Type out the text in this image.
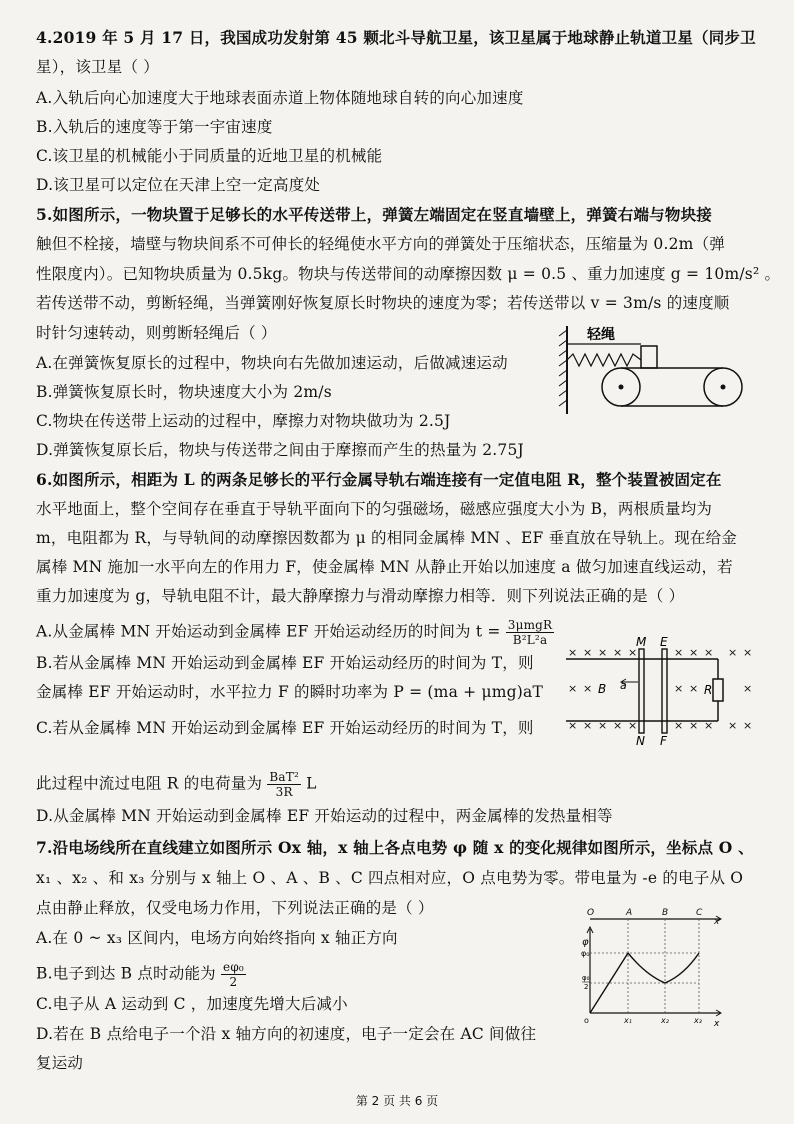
4.2019 年 5 月 17 日，我国成功发射第 45 颗北斗导航卫星，该卫星属于地球静止轨道卫星（同步卫
星），该卫星（ ）
A.入轨后向心加速度大于地球表面赤道上物体随地球自转的向心加速度
B.入轨后的速度等于第一宇宙速度
C.该卫星的机械能小于同质量的近地卫星的机械能
D.该卫星可以定位在天津上空一定高度处
5.如图所示，一物块置于足够长的水平传送带上，弹簧左端固定在竖直墙壁上，弹簧右端与物块接
触但不栓接，墙壁与物块间系不可伸长的轻绳使水平方向的弹簧处于压缩状态，压缩量为 0.2m（弹
性限度内）。已知物块质量为 0.5kg。物块与传送带间的动摩擦因数 μ = 0.5 、重力加速度 g = 10m/s² 。
若传送带不动，剪断轻绳，当弹簧刚好恢复原长时物块的速度为零；若传送带以 v = 3m/s 的速度顺
时针匀速转动，则剪断轻绳后（ ）
A.在弹簧恢复原长的过程中，物块向右先做加速运动，后做减速运动
B.弹簧恢复原长时，物块速度大小为 2m/s
C.物块在传送带上运动的过程中，摩擦力对物块做功为 2.5J
D.弹簧恢复原长后，物块与传送带之间由于摩擦而产生的热量为 2.75J
轻绳
6.如图所示，相距为 L 的两条足够长的平行金属导轨右端连接有一定值电阻 R，整个装置被固定在
水平地面上，整个空间存在垂直于导轨平面向下的匀强磁场，磁感应强度大小为 B，两根质量均为
m，电阻都为 R，与导轨间的动摩擦因数都为 μ 的相同金属棒 MN 、EF 垂直放在导轨上。现在给金
属棒 MN 施加一水平向左的作用力 F，使金属棒 MN 从静止开始以加速度 a 做匀加速直线运动，若
重力加速度为 g，导轨电阻不计，最大静摩擦力与滑动摩擦力相等．则下列说法正确的是（ ）
A.从金属棒 MN 开始运动到金属棒 EF 开始运动经历的时间为 $t = \frac{\text{3μmgR}}{\text{B²L²a}}$
B.若从金属棒 MN 开始运动到金属棒 EF 开始运动经历的时间为 T，则
金属棒 EF 开始运动时，水平拉力 F 的瞬时功率为 P = (ma + μmg)aT
C.若从金属棒 MN 开始运动到金属棒 EF 开始运动经历的时间为 T，则
此过程中流过电阻 R 的电荷量为 $\frac{\text{BaT²}}{3R}$ L
D.从金属棒 MN 开始运动到金属棒 EF 开始运动的过程中，两金属棒的发热量相等
× × × × ×	× × × × ×
× ×	× ×	×
× × × × ×	× × × × ×
R
M E
N F
B a
7.沿电场线所在直线建立如图所示 Ox 轴，x 轴上各点电势 φ 随 x 的变化规律如图所示，坐标点 O 、
x₁ 、x₂ 、和 x₃ 分别与 x 轴上 O 、A 、B 、C 四点相对应，O 点电势为零。带电量为 -e 的电子从 O
点由静止释放，仅受电场力作用，下列说法正确的是（ ）
A.在 0 ~ x₃ 区间内，电场方向始终指向 x 轴正方向
B.电子到达 B 点时动能为 $\frac{\text{eφ₀}}{2}$
C.电子从 A 运动到 C ，加速度先增大后减小
D.若在 B 点给电子一个沿 x 轴方向的初速度，电子一定会在 AC 间做往
复运动
O	A	B	C
x
φ
x
φ₀
φ₀
2
o	x₁	x₂	x₃
第 2 页 共 6 页
